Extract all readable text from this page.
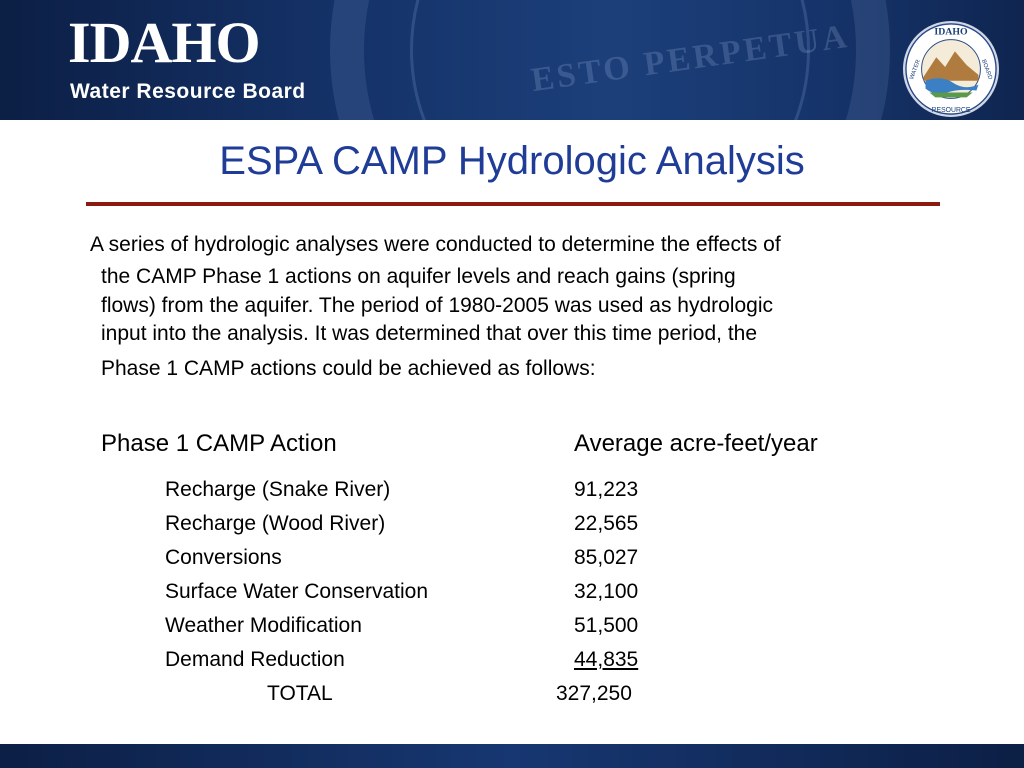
ESTO PERPETUA
IDAHO
Water Resource Board
IDAHO
RESOURCE
WATER	BOARD
ESPA CAMP Hydrologic Analysis
A series of hydrologic analyses were conducted to determine the effects of
the CAMP Phase 1 actions on aquifer levels and reach gains (spring
flows) from the aquifer. The period of 1980-2005 was used as hydrologic
input into the analysis. It was determined that over this time period, the
Phase 1 CAMP actions could be achieved as follows:
Phase 1 CAMP Action	Average acre-feet/year
Recharge (Snake River)	91,223
Recharge (Wood River)	22,565
Conversions	85,027
Surface Water Conservation	32,100
Weather Modification	51,500
Demand Reduction	44,835
TOTAL	327,250
